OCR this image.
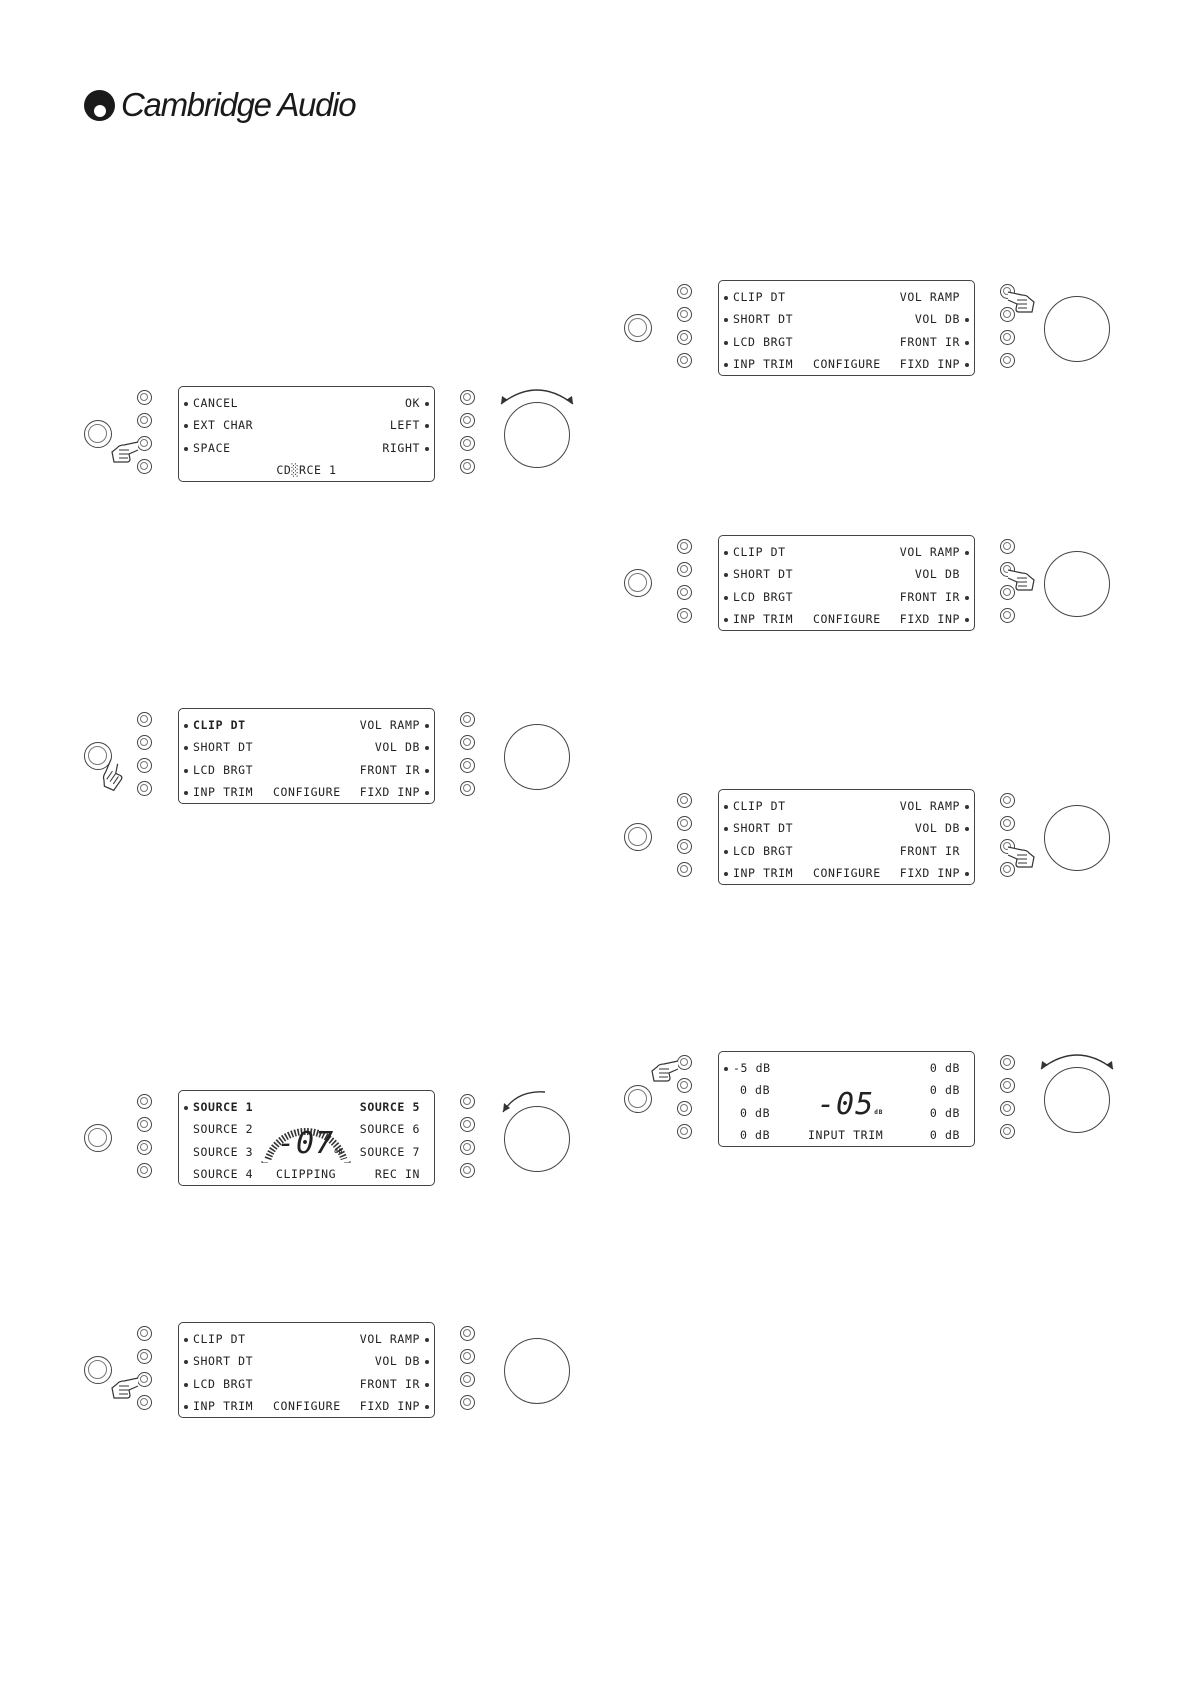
Cambridge Audio
CANCEL	OK
EXT CHAR	LEFT
SPACE	RIGHT
CD░RCE 1
CLIP DT	VOL RAMP
SHORT DT	VOL DB
LCD BRGT	FRONT IR
INP TRIM CONFIGURE FIXD INP
SOURCE 1	SOURCE 5
SOURCE 2	SOURCE 6
SOURCE 3	SOURCE 7
SOURCE 4 CLIPPING	REC IN
-07dB
CLIP DT	VOL RAMP
SHORT DT	VOL DB
LCD BRGT	FRONT IR
INP TRIM CONFIGURE FIXD INP
CLIP DT	VOL RAMP
SHORT DT	VOL DB
LCD BRGT	FRONT IR
INP TRIM CONFIGURE FIXD INP
CLIP DT	VOL RAMP
SHORT DT	VOL DB
LCD BRGT	FRONT IR
INP TRIM CONFIGURE FIXD INP
CLIP DT	VOL RAMP
SHORT DT	VOL DB
LCD BRGT	FRONT IR
INP TRIM CONFIGURE FIXD INP
-5 dB	0 dB
0 dB	0 dB
0 dB	0 dB
0 dB	INPUT TRIM	0 dB
-05dB
